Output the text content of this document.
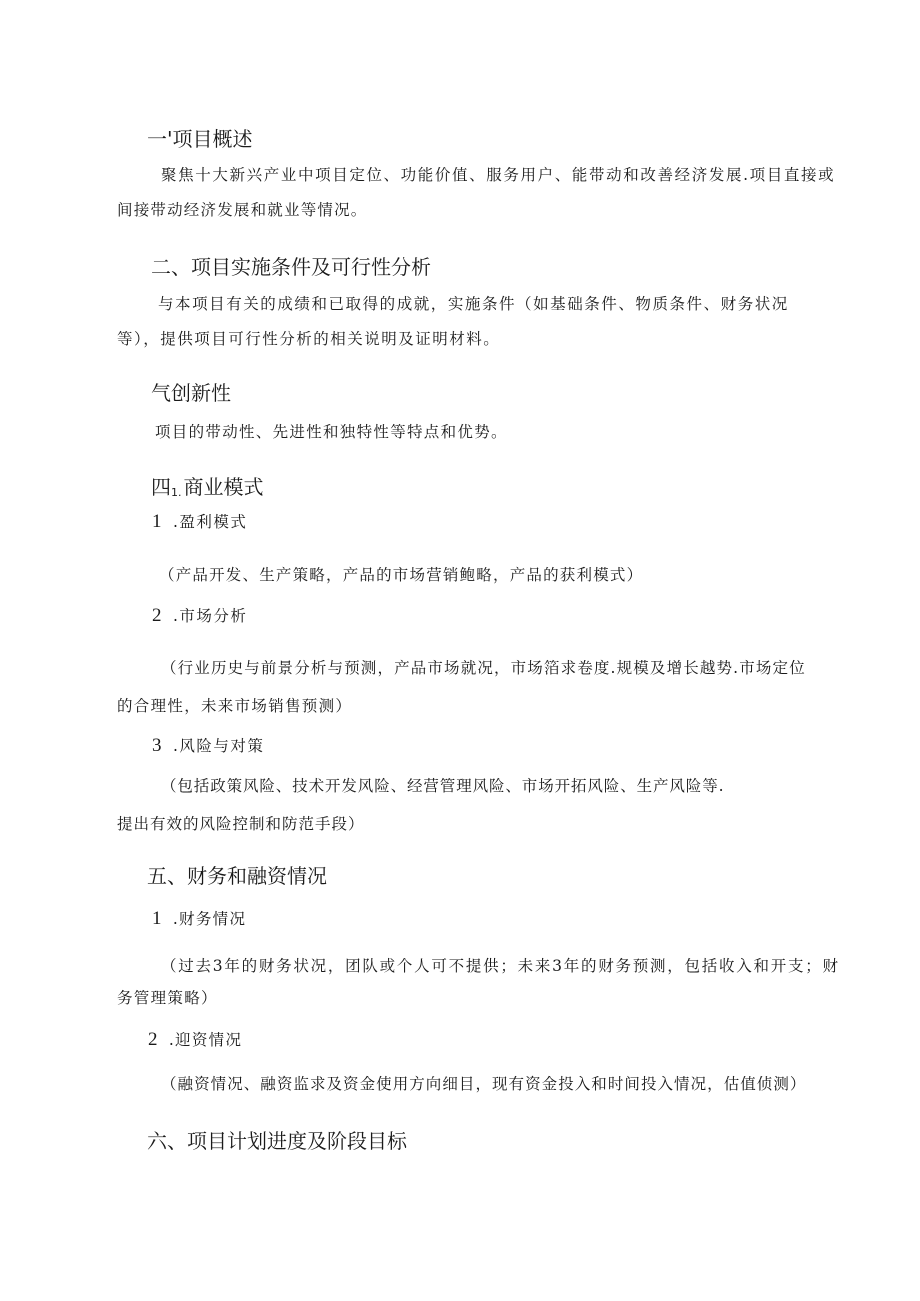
一'项目概述
聚焦十大新兴产业中项目定位、功能价值、服务用户、能带动和改善经济发展.项目直接或
间接带动经济发展和就业等情况。
二、项目实施条件及可行性分析
与本项目有关的成绩和已取得的成就，实施条件（如基础条件、物质条件、财务状况
等），提供项目可行性分析的相关说明及证明材料。
气创新性
项目的带动性、先进性和独特性等特点和优势。
四1. 商业模式
1 .盈利模式
（产品开发、生产策略，产品的市场营销鲍略，产品的获利模式）
2 .市场分析
（行业历史与前景分析与预测，产品市场就况，市场箔求卷度.规模及增长越势.市场定位
的合理性，未来市场销售预测）
3 .风险与对策
（包括政策风险、技术开发风险、经营管理风险、市场开拓风险、生产风险等.
提出有效的风险控制和防范手段）
五、财务和融资情况
1 .财务情况
（过去3年的财务状况，团队或个人可不提供；未来3年的财务预测，包括收入和开支；财
务管理策略）
2 .迎资情况
（融资情况、融资监求及资金使用方向细目，现有资金投入和时间投入情况，估值侦测）
六、项目计划进度及阶段目标
